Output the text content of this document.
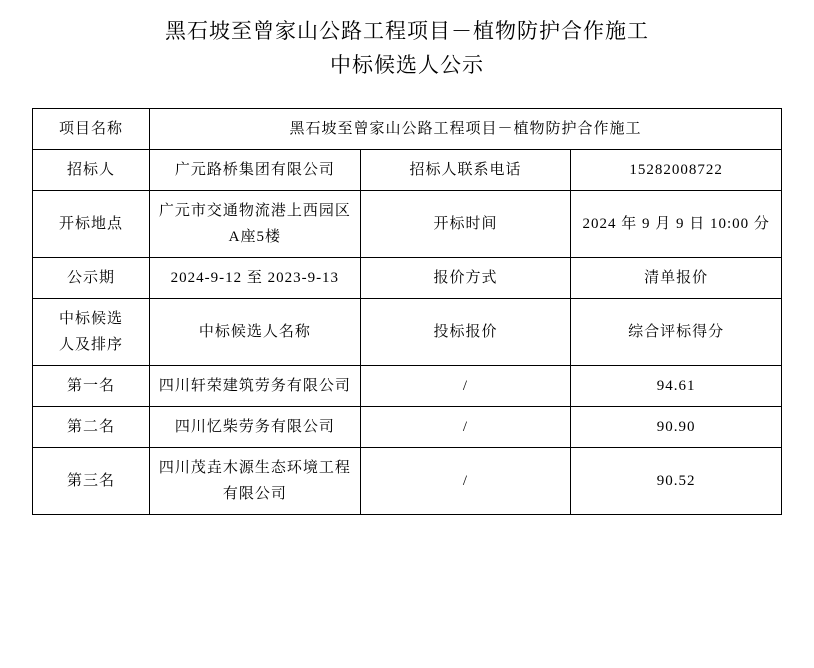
黑石坡至曾家山公路工程项目－植物防护合作施工
中标候选人公示
项目名称	黑石坡至曾家山公路工程项目－植物防护合作施工		
招标人	广元路桥集团有限公司	招标人联系电话	15282008722
开标地点	广元市交通物流港上西园区A座5楼	开标时间	2024 年 9 月 9 日 10:00 分
公示期	2024-9-12 至 2023-9-13	报价方式	清单报价
中标候选
人及排序	中标候选人名称	投标报价	综合评标得分
第一名	四川轩荣建筑劳务有限公司	/	94.61
第二名	四川忆柴劳务有限公司	/	90.90
第三名	四川茂垚木源生态环境工程有限公司	/	90.52
